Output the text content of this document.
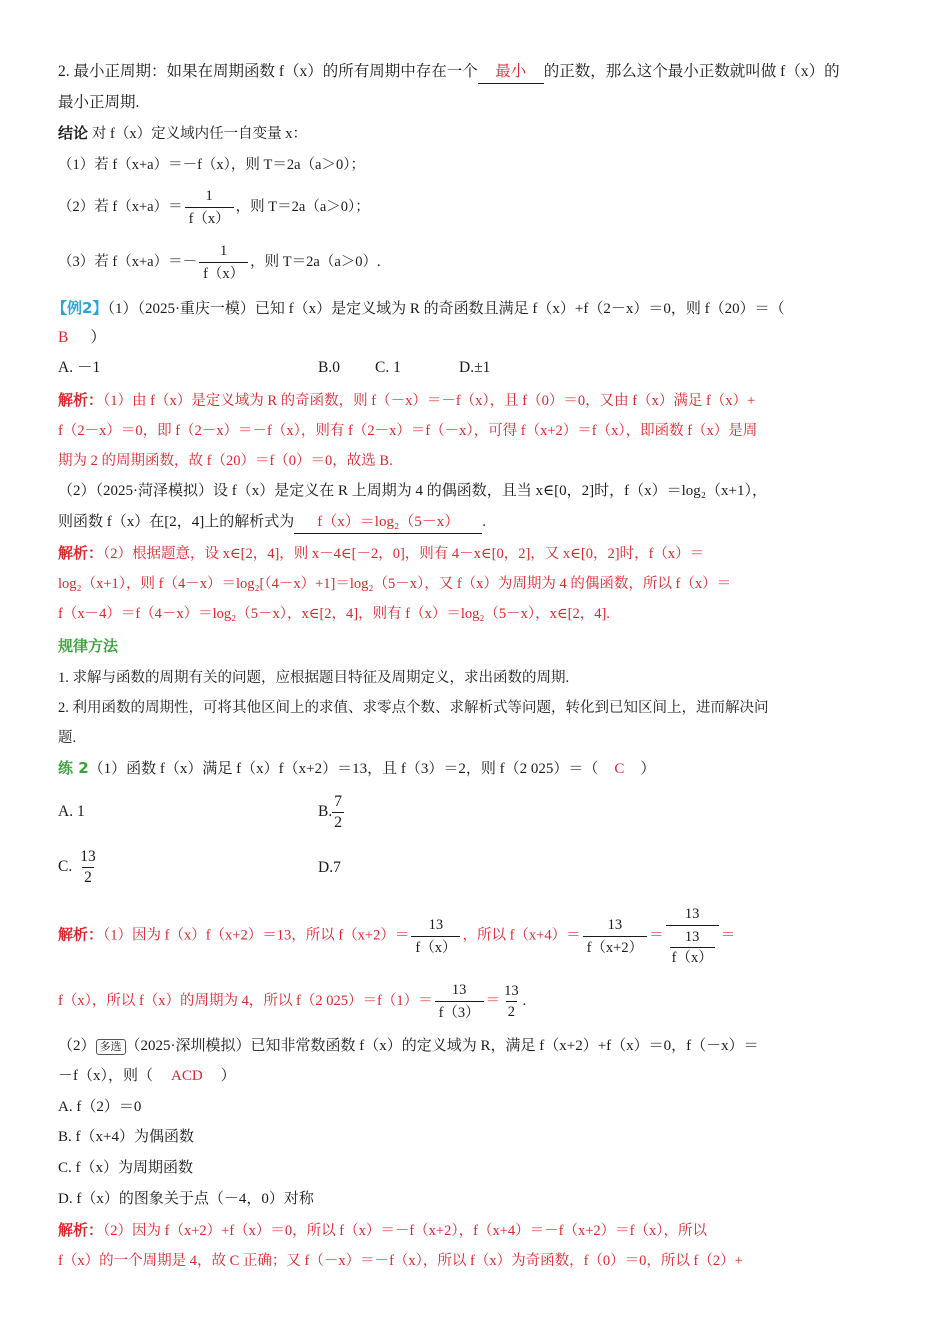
2. 最小正周期：如果在周期函数 f（x）的所有周期中存在一个 最小 的正数，那么这个最小正数就叫做 f（x）的
最小正周期.
结论 对 f（x）定义域内任一自变量 x：
（1）若 f（x+a）＝－f（x），则 T＝2a（a＞0）；
（2）若 $f(x+a)= \frac{1}{f(x)}$ ，则 T＝2a（a＞0）；
（3）若 $f(x+a)=- \frac{1}{f(x)}$ ，则 T＝2a（a＞0）.
【例2】（1）（2025·重庆一模）已知 f（x）是定义域为 R 的奇函数且满足 f（x）+f（2－x）＝0，则 f（20）＝（
B ）
A. －1	B.0 C. 1	D.±1
解析：（1）由 f（x）是定义域为 R 的奇函数，则 f（－x）＝－f（x），且 f（0）＝0，又由 f（x）满足 f（x）+
f（2－x）＝0，即 f（2－x）＝－f（x），则有 f（2－x）＝f（－x），可得 f（x+2）＝f（x），即函数 f（x）是周
期为 2 的周期函数，故 f（20）＝f（0）＝0，故选 B.
（2）（2025·菏泽模拟）设 f（x）是定义在 R 上周期为 4 的偶函数，且当 x∈[0，2]时，f（x）＝log₂（x+1），
则函数 f（x）在[2，4]上的解析式为 f（x）＝log₂（5－x） .
解析：（2）根据题意，设 x∈[2，4]，则 x－4∈[－2，0]，则有 4－x∈[0，2]，又 x∈[0，2]时，f（x）＝
log₂（x+1），则 f（4－x）＝log₂[（4－x）+1]＝log₂（5－x），又 f（x）为周期为 4 的偶函数，所以 f（x）＝
f（x－4）＝f（4－x）＝log₂（5－x），x∈[2，4]，则有 f（x）＝log₂（5－x），x∈[2，4].
规律方法
1. 求解与函数的周期有关的问题，应根据题目特征及周期定义，求出函数的周期.
2. 利用函数的周期性，可将其他区间上的求值、求零点个数、求解析式等问题，转化到已知区间上，进而解决问
题.
练 2（1）函数 f（x）满足 f（x）f（x+2）＝13，且 f（3）＝2，则 f（2 025）＝（ C ）
A. 1	B. $\frac{7}{2}$
C. $\frac{13}{2}$	D.7
解析：（1）因为 f（x）f（x+2）＝13，所以 $f(x+2)= \frac{13}{f(x)}$ ，所以 $f(x+4)= \frac{13}{f(x+2)} = \frac{13}{\frac{13}{f(x)}}$ ＝
f（x），所以 f（x）的周期为 4，所以 f（2 $025)=f(1)= \frac{13}{f(3)} = \frac{13}{2}$ .
（2） 多选 （2025·深圳模拟）已知非常数函数 f（x）的定义域为 R，满足 f（x+2）+f（x）＝0，f（－x）＝
－f（x），则（ ACD ）
A. f（2）＝0
B. f（x+4）为偶函数
C. f（x）为周期函数
D. f（x）的图象关于点（－4，0）对称
解析：（2）因为 f（x+2）+f（x）＝0，所以 f（x）＝－f（x+2），f（x+4）＝－f（x+2）＝f（x），所以
f（x）的一个周期是 4，故 C 正确；又 f（－x）＝－f（x），所以 f（x）为奇函数，f（0）＝0，所以 f（2）+
